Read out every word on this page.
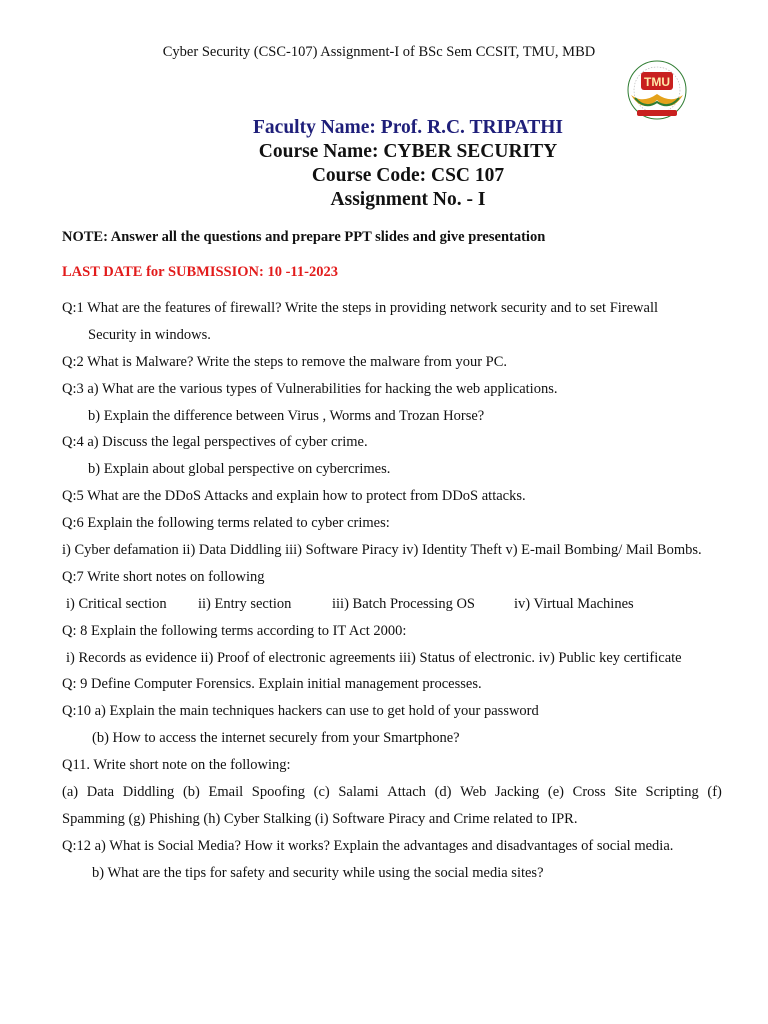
Cyber Security (CSC-107) Assignment-I of BSc Sem CCSIT, TMU, MBD
TMU
Faculty Name: Prof. R.C. TRIPATHI
Course Name: CYBER SECURITY
Course Code: CSC 107
Assignment No. - I
NOTE: Answer all the questions and prepare PPT slides and give presentation
LAST DATE for SUBMISSION: 10 -11-2023
Q:1 What are the features of firewall? Write the steps in providing network security and to set Firewall
Security in windows.
Q:2 What is Malware? Write the steps to remove the malware from your PC.
Q:3 a) What are the various types of Vulnerabilities for hacking the web applications.
b) Explain the difference between Virus , Worms and Trozan Horse?
Q:4 a) Discuss the legal perspectives of cyber crime.
b) Explain about global perspective on cybercrimes.
Q:5 What are the DDoS Attacks and explain how to protect from DDoS attacks.
Q:6 Explain the following terms related to cyber crimes:
i) Cyber defamation ii) Data Diddling iii) Software Piracy iv) Identity Theft v) E-mail Bombing/ Mail Bombs.
Q:7 Write short notes on following
i) Critical section	ii) Entry section	iii) Batch Processing OS	iv) Virtual Machines
Q: 8 Explain the following terms according to IT Act 2000:
i) Records as evidence ii) Proof of electronic agreements iii) Status of electronic. iv) Public key certificate
Q: 9 Define Computer Forensics. Explain initial management processes.
Q:10 a) Explain the main techniques hackers can use to get hold of your password
(b) How to access the internet securely from your Smartphone?
Q11. Write short note on the following:
(a) Data Diddling (b) Email Spoofing (c) Salami Attach (d) Web Jacking (e) Cross Site Scripting (f)
Spamming (g) Phishing (h) Cyber Stalking (i) Software Piracy and Crime related to IPR.
Q:12 a) What is Social Media? How it works? Explain the advantages and disadvantages of social media.
b) What are the tips for safety and security while using the social media sites?
